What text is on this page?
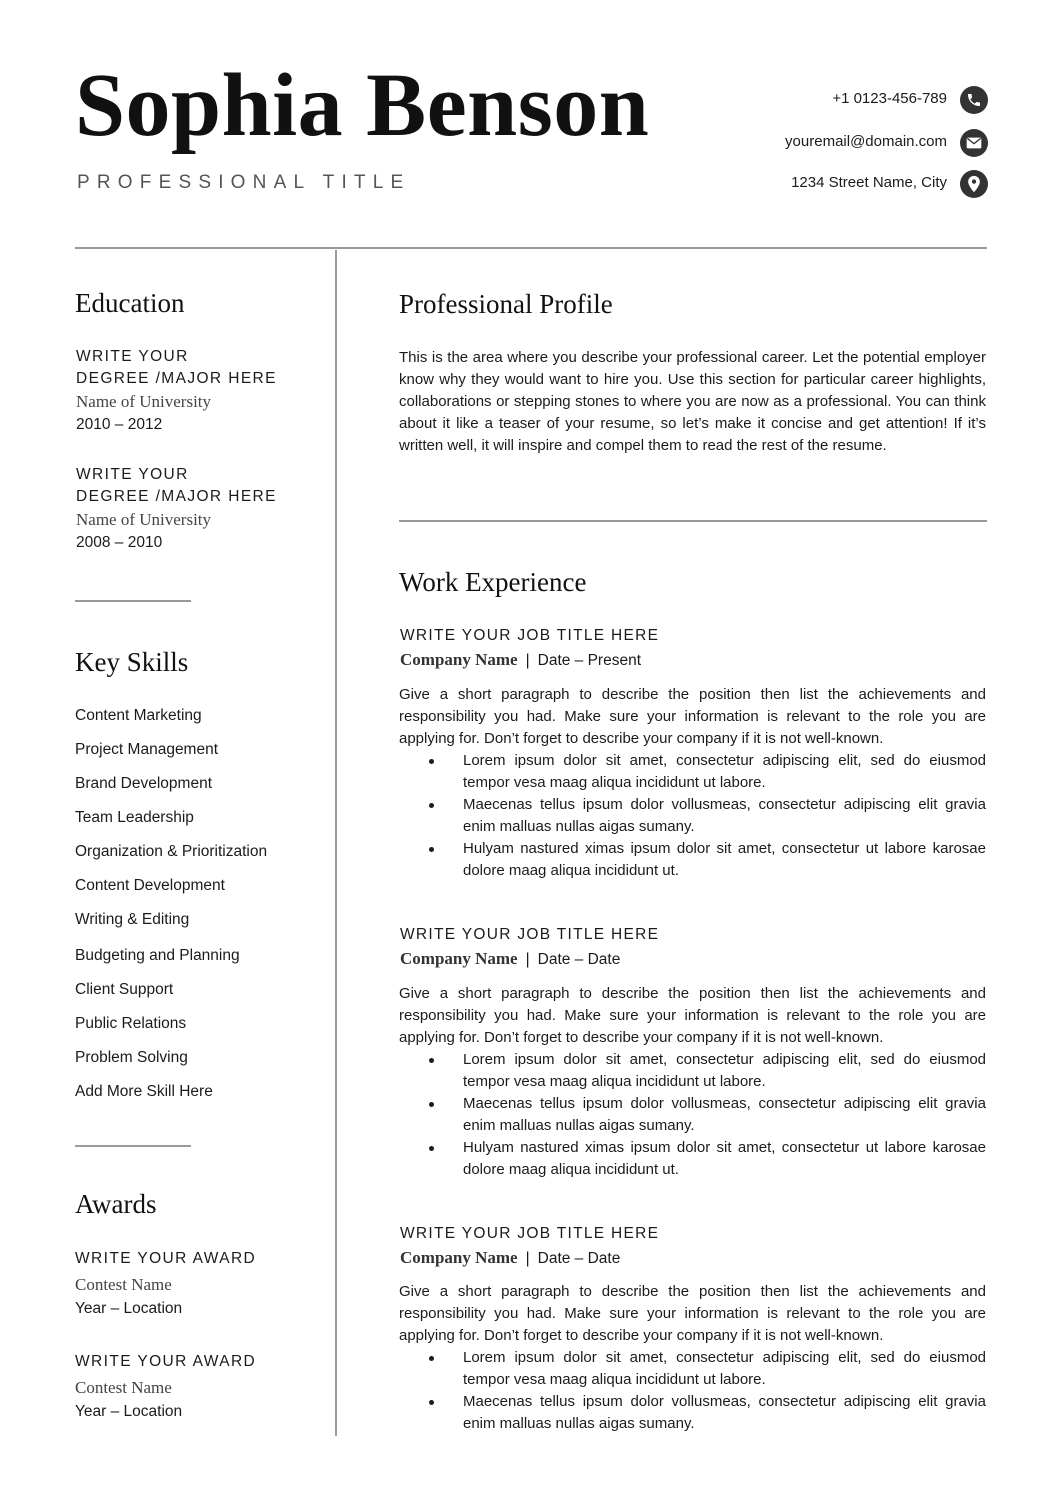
Sophia Benson
PROFESSIONAL TITLE
+1 0123-456-789
youremail@domain.com
1234 Street Name, City
Education
WRITE YOUR
DEGREE /MAJOR HERE
Name of University
2010 – 2012
WRITE YOUR
DEGREE /MAJOR HERE
Name of University
2008 – 2010
Key Skills
Content Marketing
Project Management
Brand Development
Team Leadership
Organization & Prioritization
Content Development
Writing & Editing
Budgeting and Planning
Client Support
Public Relations
Problem Solving
Add More Skill Here
Awards
WRITE YOUR AWARD
Contest Name
Year – Location
WRITE YOUR AWARD
Contest Name
Year – Location
Professional Profile
This is the area where you describe your professional career. Let the potential employer know why they would want to hire you. Use this section for particular career highlights, collaborations or stepping stones to where you are now as a professional. You can think about it like a teaser of your resume, so let’s make it concise and get attention! If it’s written well, it will inspire and compel them to read the rest of the resume.
Work Experience
WRITE YOUR JOB TITLE HERE
Company Name | Date – Present
Give a short paragraph to describe the position then list the achievements and responsibility you had. Make sure your information is relevant to the role you are applying for. Don’t forget to describe your company if it is not well-known.
Lorem ipsum dolor sit amet, consectetur adipiscing elit, sed do eiusmod tempor vesa maag aliqua incididunt ut labore.
Maecenas tellus ipsum dolor vollusmeas, consectetur adipiscing elit gravia enim malluas nullas aigas sumany.
Hulyam nastured ximas ipsum dolor sit amet, consectetur ut labore karosae dolore maag aliqua incididunt ut.
WRITE YOUR JOB TITLE HERE
Company Name | Date – Date
Give a short paragraph to describe the position then list the achievements and responsibility you had. Make sure your information is relevant to the role you are applying for. Don’t forget to describe your company if it is not well-known.
Lorem ipsum dolor sit amet, consectetur adipiscing elit, sed do eiusmod tempor vesa maag aliqua incididunt ut labore.
Maecenas tellus ipsum dolor vollusmeas, consectetur adipiscing elit gravia enim malluas nullas aigas sumany.
Hulyam nastured ximas ipsum dolor sit amet, consectetur ut labore karosae dolore maag aliqua incididunt ut.
WRITE YOUR JOB TITLE HERE
Company Name | Date – Date
Give a short paragraph to describe the position then list the achievements and responsibility you had. Make sure your information is relevant to the role you are applying for. Don’t forget to describe your company if it is not well-known.
Lorem ipsum dolor sit amet, consectetur adipiscing elit, sed do eiusmod tempor vesa maag aliqua incididunt ut labore.
Maecenas tellus ipsum dolor vollusmeas, consectetur adipiscing elit gravia enim malluas nullas aigas sumany.
